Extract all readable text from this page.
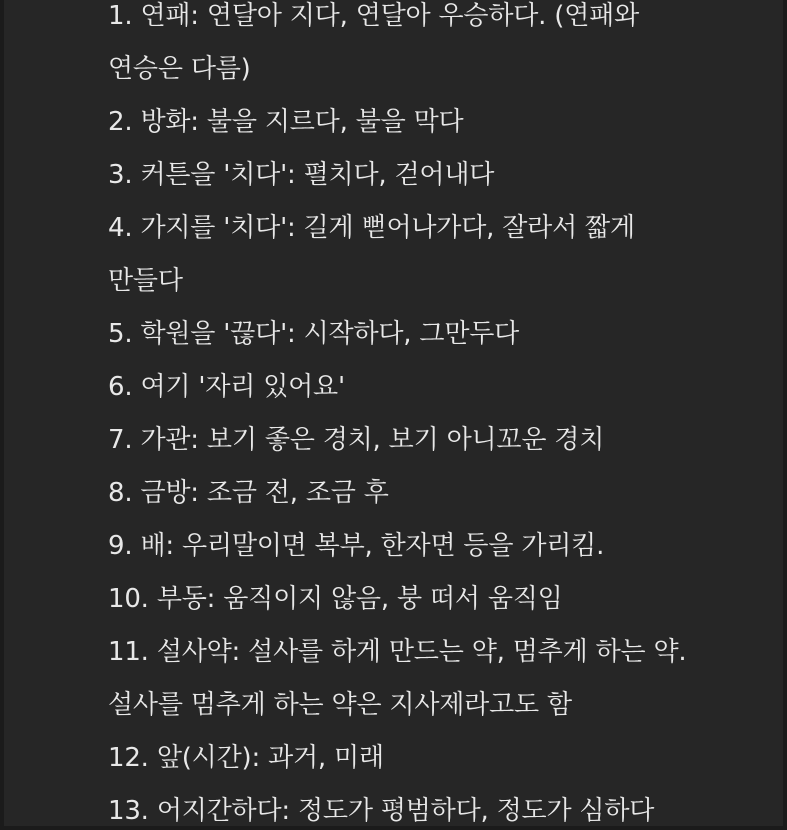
1. 연패: 연달아 지다, 연달아 우승하다. (연패와
연승은 다름)
2. 방화: 불을 지르다, 불을 막다
3. 커튼을 '치다': 펼치다, 걷어내다
4. 가지를 '치다': 길게 뻗어나가다, 잘라서 짧게
만들다
5. 학원을 '끊다': 시작하다, 그만두다
6. 여기 '자리 있어요'
7. 가관: 보기 좋은 경치, 보기 아니꼬운 경치
8. 금방: 조금 전, 조금 후
9. 배: 우리말이면 복부, 한자면 등을 가리킴.
10. 부동: 움직이지 않음, 붕 떠서 움직임
11. 설사약: 설사를 하게 만드는 약, 멈추게 하는 약.
설사를 멈추게 하는 약은 지사제라고도 함
12. 앞(시간): 과거, 미래
13. 어지간하다: 정도가 평범하다, 정도가 심하다
